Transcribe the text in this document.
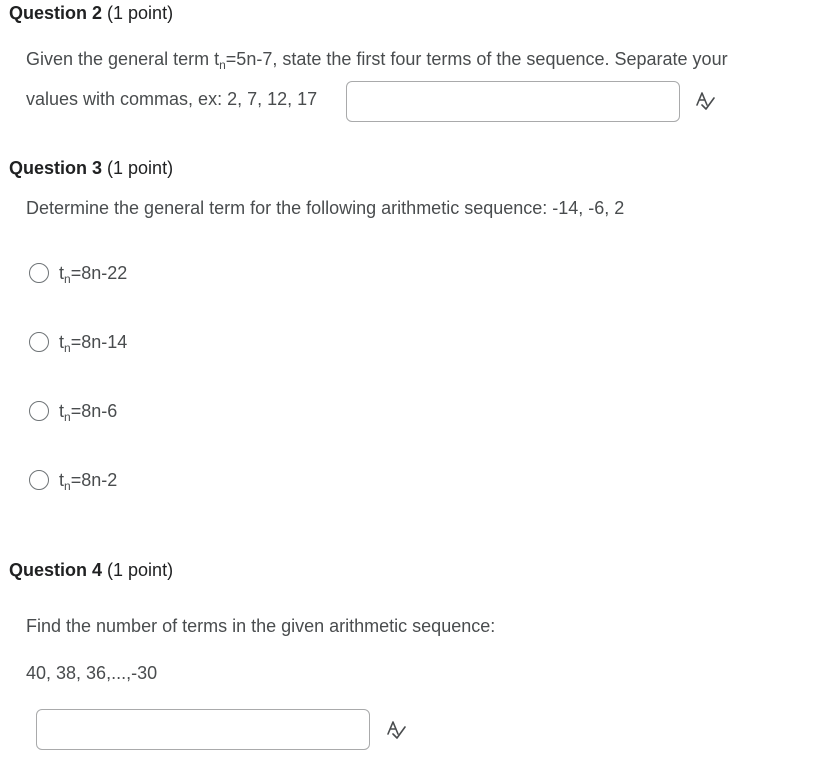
Question 2 (1 point)
Given the general term $t_n=5n-7$, state the first four terms of the sequence. Separate your
values with commas, ex: 2, 7, 12, 17
Question 3 (1 point)
Determine the general term for the following arithmetic sequence: -14, -6, 2
$t_n=8n-22$
$t_n=8n-14$
$t_n=8n-6$
$t_n=8n-2$
Question 4 (1 point)
Find the number of terms in the given arithmetic sequence:
40, 38, 36,...,-30
